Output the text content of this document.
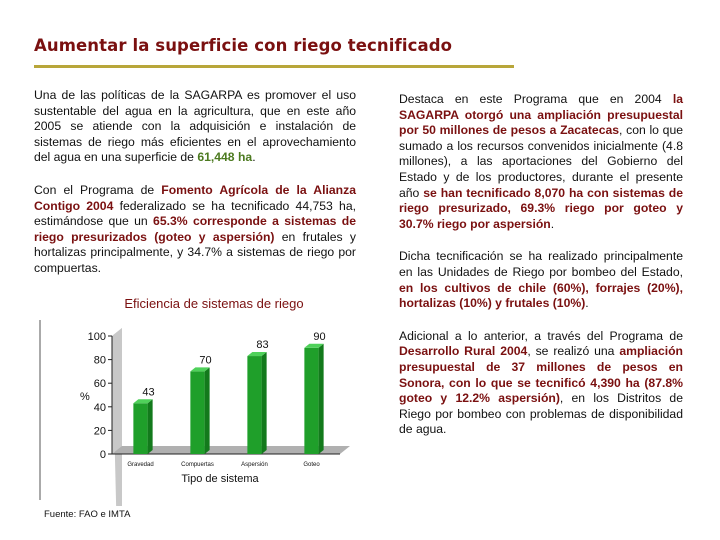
Aumentar la superficie con riego tecnificado

Una de las políticas de la SAGARPA es promover el uso sustentable del agua en la agricultura, que en este año 2005 se atiende con la adquisición e instalación de sistemas de riego más eficientes en el aprovechamiento del agua en una superficie de 61,448 ha.

Con el Programa de Fomento Agrícola de la Alianza Contigo 2004 federalizado se ha tecnificado 44,753 ha, estimándose que un 65.3% corresponde a sistemas de riego presurizados (goteo y aspersión) en frutales y hortalizas principalmente, y 34.7% a sistemas de riego por compuertas.

Destaca en este Programa que en 2004 la SAGARPA otorgó una ampliación presupuestal por 50 millones de pesos a Zacatecas, con lo que sumado a los recursos convenidos inicialmente (4.8 millones), a las aportaciones del Gobierno del Estado y de los productores, durante el presente año se han tecnificado 8,070 ha con sistemas de riego presurizado, 69.3% riego por goteo y 30.7% riego por aspersión.

Dicha tecnificación se ha realizado principalmente en las Unidades de Riego por bombeo del Estado, en los cultivos de chile (60%), forrajes (20%), hortalizas (10%) y frutales (10%).

Adicional a lo anterior, a través del Programa de Desarrollo Rural 2004, se realizó una ampliación presupuestal de 37 millones de pesos en Sonora, con lo que se tecnificó 4,390 ha (87.8% goteo y 12.2% aspersión), en los Distritos de Riego por bombeo con problemas de disponibilidad de agua.

Eficiencia de sistemas de riego
0
20
40
60
80
100
43
Gravedad
70
Compuertas
83
Aspersión
90
Goteo
%
Tipo de sistema
Fuente: FAO e IMTA
